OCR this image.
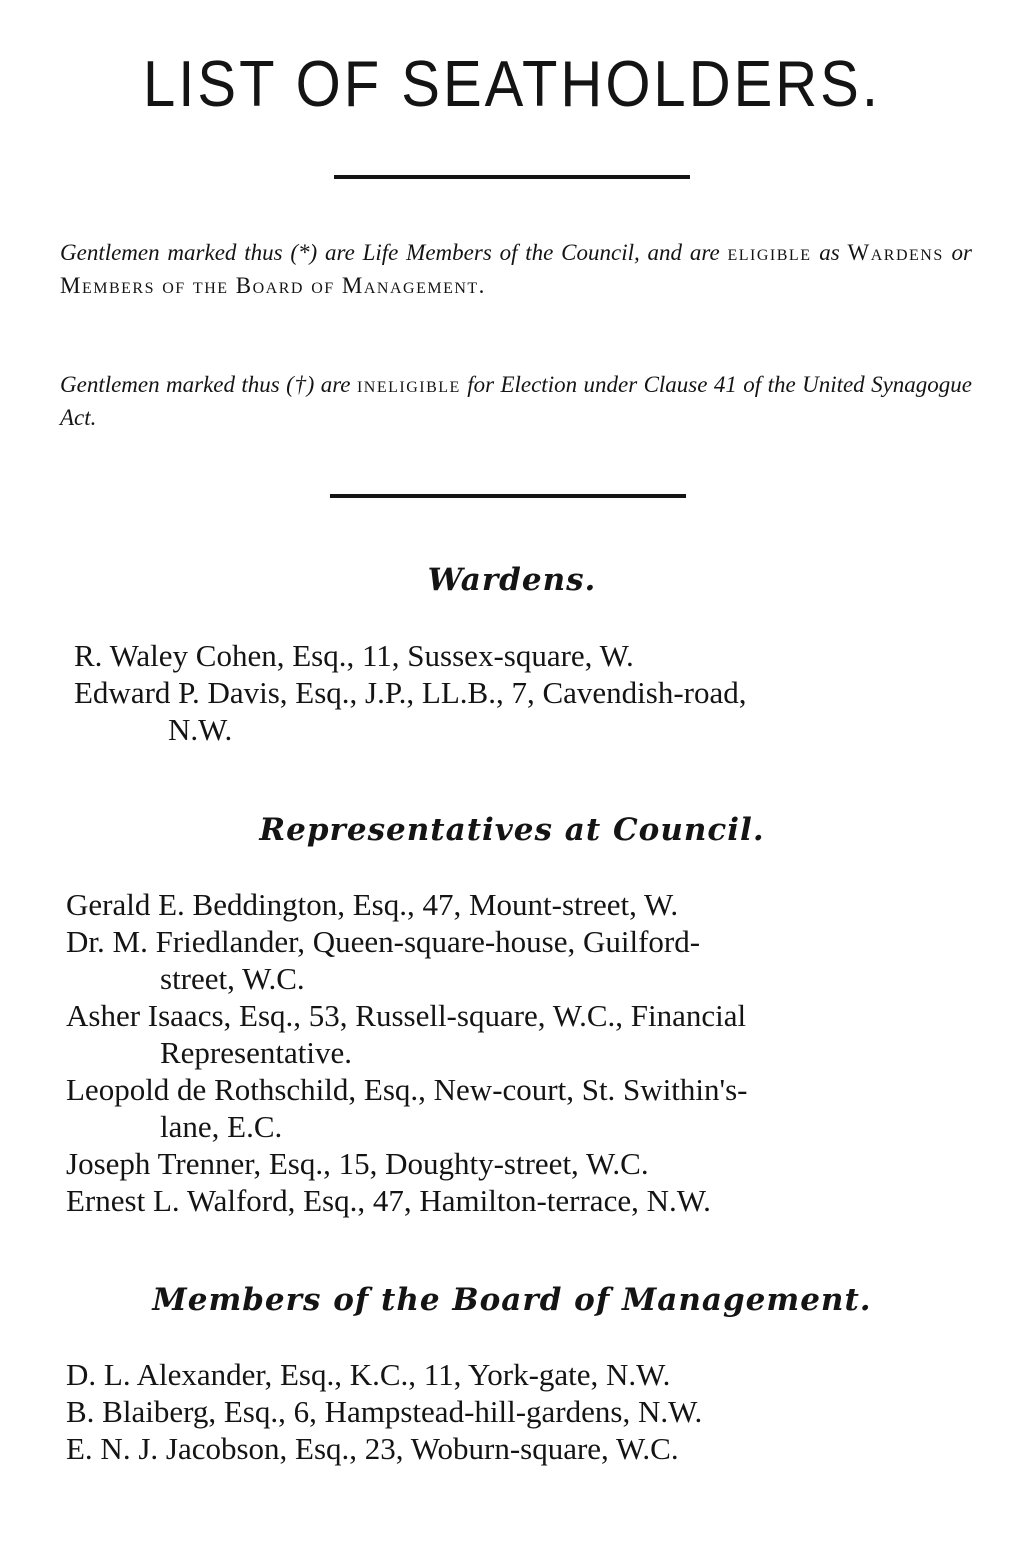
LIST OF SEATHOLDERS.
Gentlemen marked thus (*) are Life Members of the Council, and are eligible as Wardens or Members of the Board of Management.
Gentlemen marked thus (†) are ineligible for Election under Clause 41 of the United Synagogue Act.
Wardens.
R. Waley Cohen, Esq., 11, Sussex-square, W.
Edward P. Davis, Esq., J.P., LL.B., 7, Cavendish-road,
N.W.
Representatives at Council.
Gerald E. Beddington, Esq., 47, Mount-street, W.
Dr. M. Friedlander, Queen-square-house, Guilford-
street, W.C.
Asher Isaacs, Esq., 53, Russell-square, W.C., Financial
Representative.
Leopold de Rothschild, Esq., New-court, St. Swithin's-
lane, E.C.
Joseph Trenner, Esq., 15, Doughty-street, W.C.
Ernest L. Walford, Esq., 47, Hamilton-terrace, N.W.
Members of the Board of Management.
D. L. Alexander, Esq., K.C., 11, York-gate, N.W.
B. Blaiberg, Esq., 6, Hampstead-hill-gardens, N.W.
E. N. J. Jacobson, Esq., 23, Woburn-square, W.C.
